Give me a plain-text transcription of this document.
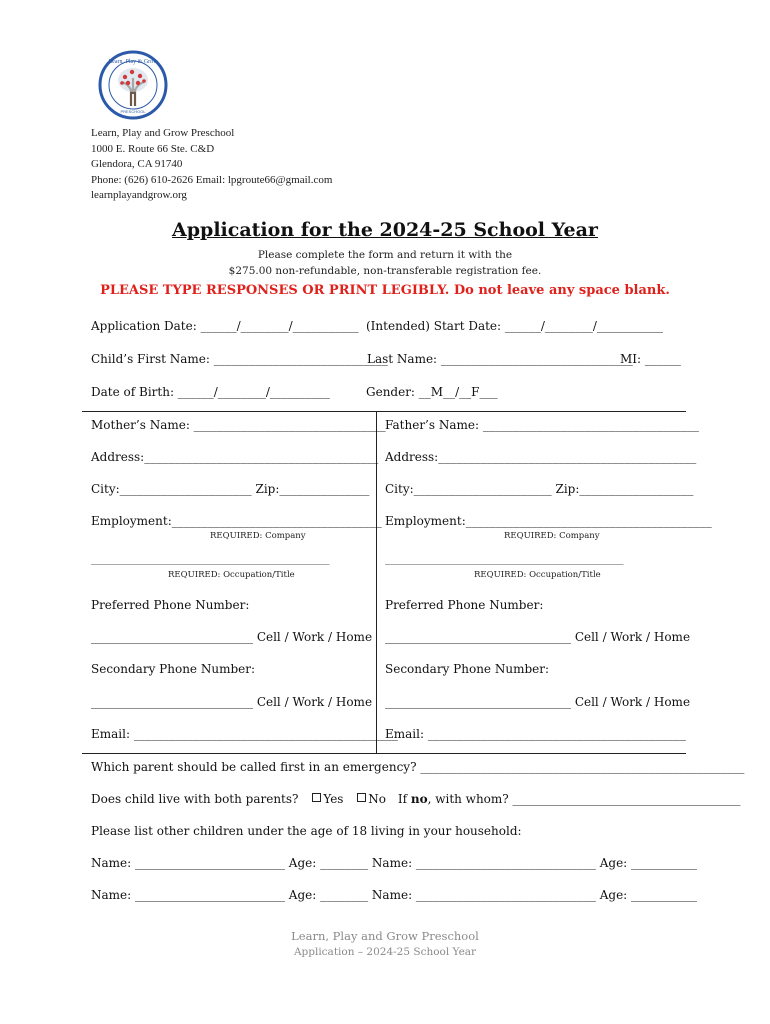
Learn, Play & Grow
PRESCHOOL
Learn, Play and Grow Preschool
1000 E. Route 66 Ste. C&D
Glendora, CA 91740
Phone: (626) 610-2626 Email: lpgroute66@gmail.com
learnplayandgrow.org
Application for the 2024-25 School Year
Please complete the form and return it with the
$275.00 non-refundable, non-transferable registration fee.
PLEASE TYPE RESPONSES OR PRINT LEGIBLY. Do not leave any space blank.
Application Date: ______/________/___________ (Intended) Start Date: ______/________/___________
Child’s First Name: _____________________________
Last Name: ________________________________
MI: ______
Date of Birth: ______/________/__________	Gender: __M__/__F___
Mother’s Name: ________________________________
Address:_______________________________________
City:______________________ Zip:_______________
Employment:___________________________________
REQUIRED: Company
_____________________________________________________
REQUIRED: Occupation/Title
Preferred Phone Number:
___________________________ Cell / Work / Home
Secondary Phone Number:
___________________________ Cell / Work / Home
Email: ____________________________________________
Father’s Name: ____________________________________
Address:___________________________________________
City:_______________________ Zip:___________________
Employment:_________________________________________
REQUIRED: Company
_____________________________________________________
REQUIRED: Occupation/Title
Preferred Phone Number:
_______________________________ Cell / Work / Home
Secondary Phone Number:
_______________________________ Cell / Work / Home
Email: ___________________________________________
Which parent should be called first in an emergency? ______________________________________________________
Does child live with both parents? Yes No If no, with whom? ______________________________________
Please list other children under the age of 18 living in your household:
Name: _________________________ Age: ________ Name: ______________________________ Age: ___________
Name: _________________________ Age: ________ Name: ______________________________ Age: ___________
Learn, Play and Grow Preschool
Application – 2024-25 School Year
